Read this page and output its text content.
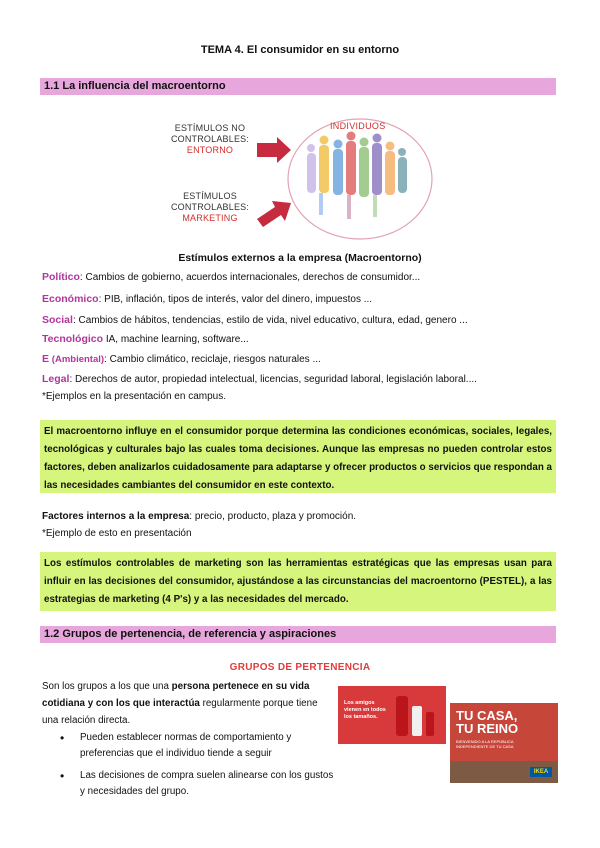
TEMA 4. El consumidor en su entorno
1.1 La influencia del macroentorno
ESTÍMULOS NO
CONTROLABLES:
ENTORNO
ESTÍMULOS
CONTROLABLES:
MARKETING
INDIVIDUOS
Estímulos externos a la empresa (Macroentorno)
Político: Cambios de gobierno, acuerdos internacionales, derechos de consumidor...
Económico: PIB, inflación, tipos de interés, valor del dinero, impuestos ...
Social: Cambios de hábitos, tendencias, estilo de vida, nivel educativo, cultura, edad, genero ...
Tecnológico IA, machine learning, software...
E (Ambiental): Cambio climático, reciclaje, riesgos naturales ...
Legal: Derechos de autor, propiedad intelectual, licencias, seguridad laboral, legislación laboral....
*Ejemplos en la presentación en campus.
El macroentorno influye en el consumidor porque determina las condiciones económicas, sociales, legales, tecnológicas y culturales bajo las cuales toma decisiones. Aunque las empresas no pueden controlar estos factores, deben analizarlos cuidadosamente para adaptarse y ofrecer productos o servicios que respondan a las necesidades cambiantes del consumidor en este contexto.
Factores internos a la empresa: precio, producto, plaza y promoción.
*Ejemplo de esto en presentación
Los estímulos controlables de marketing son las herramientas estratégicas que las empresas usan para influir en las decisiones del consumidor, ajustándose a las circunstancias del macroentorno (PESTEL), a las estrategias de marketing (4 P's) y a las necesidades del mercado.
1.2 Grupos de pertenencia, de referencia y aspiraciones
GRUPOS DE PERTENENCIA
Son los grupos a los que una persona pertenece en su vida cotidiana y con los que interactúa regularmente porque tiene una relación directa.
• Pueden establecer normas de comportamiento y preferencias que el individuo tiende a seguir
• Las decisiones de compra suelen alinearse con los gustos y necesidades del grupo.
Los amigos vienen en todos los tamaños.	TU CASA,
TU REINO
BIENVENIDO A LA REPÚBLICA INDEPENDIENTE DE TU CASA
IKEA
